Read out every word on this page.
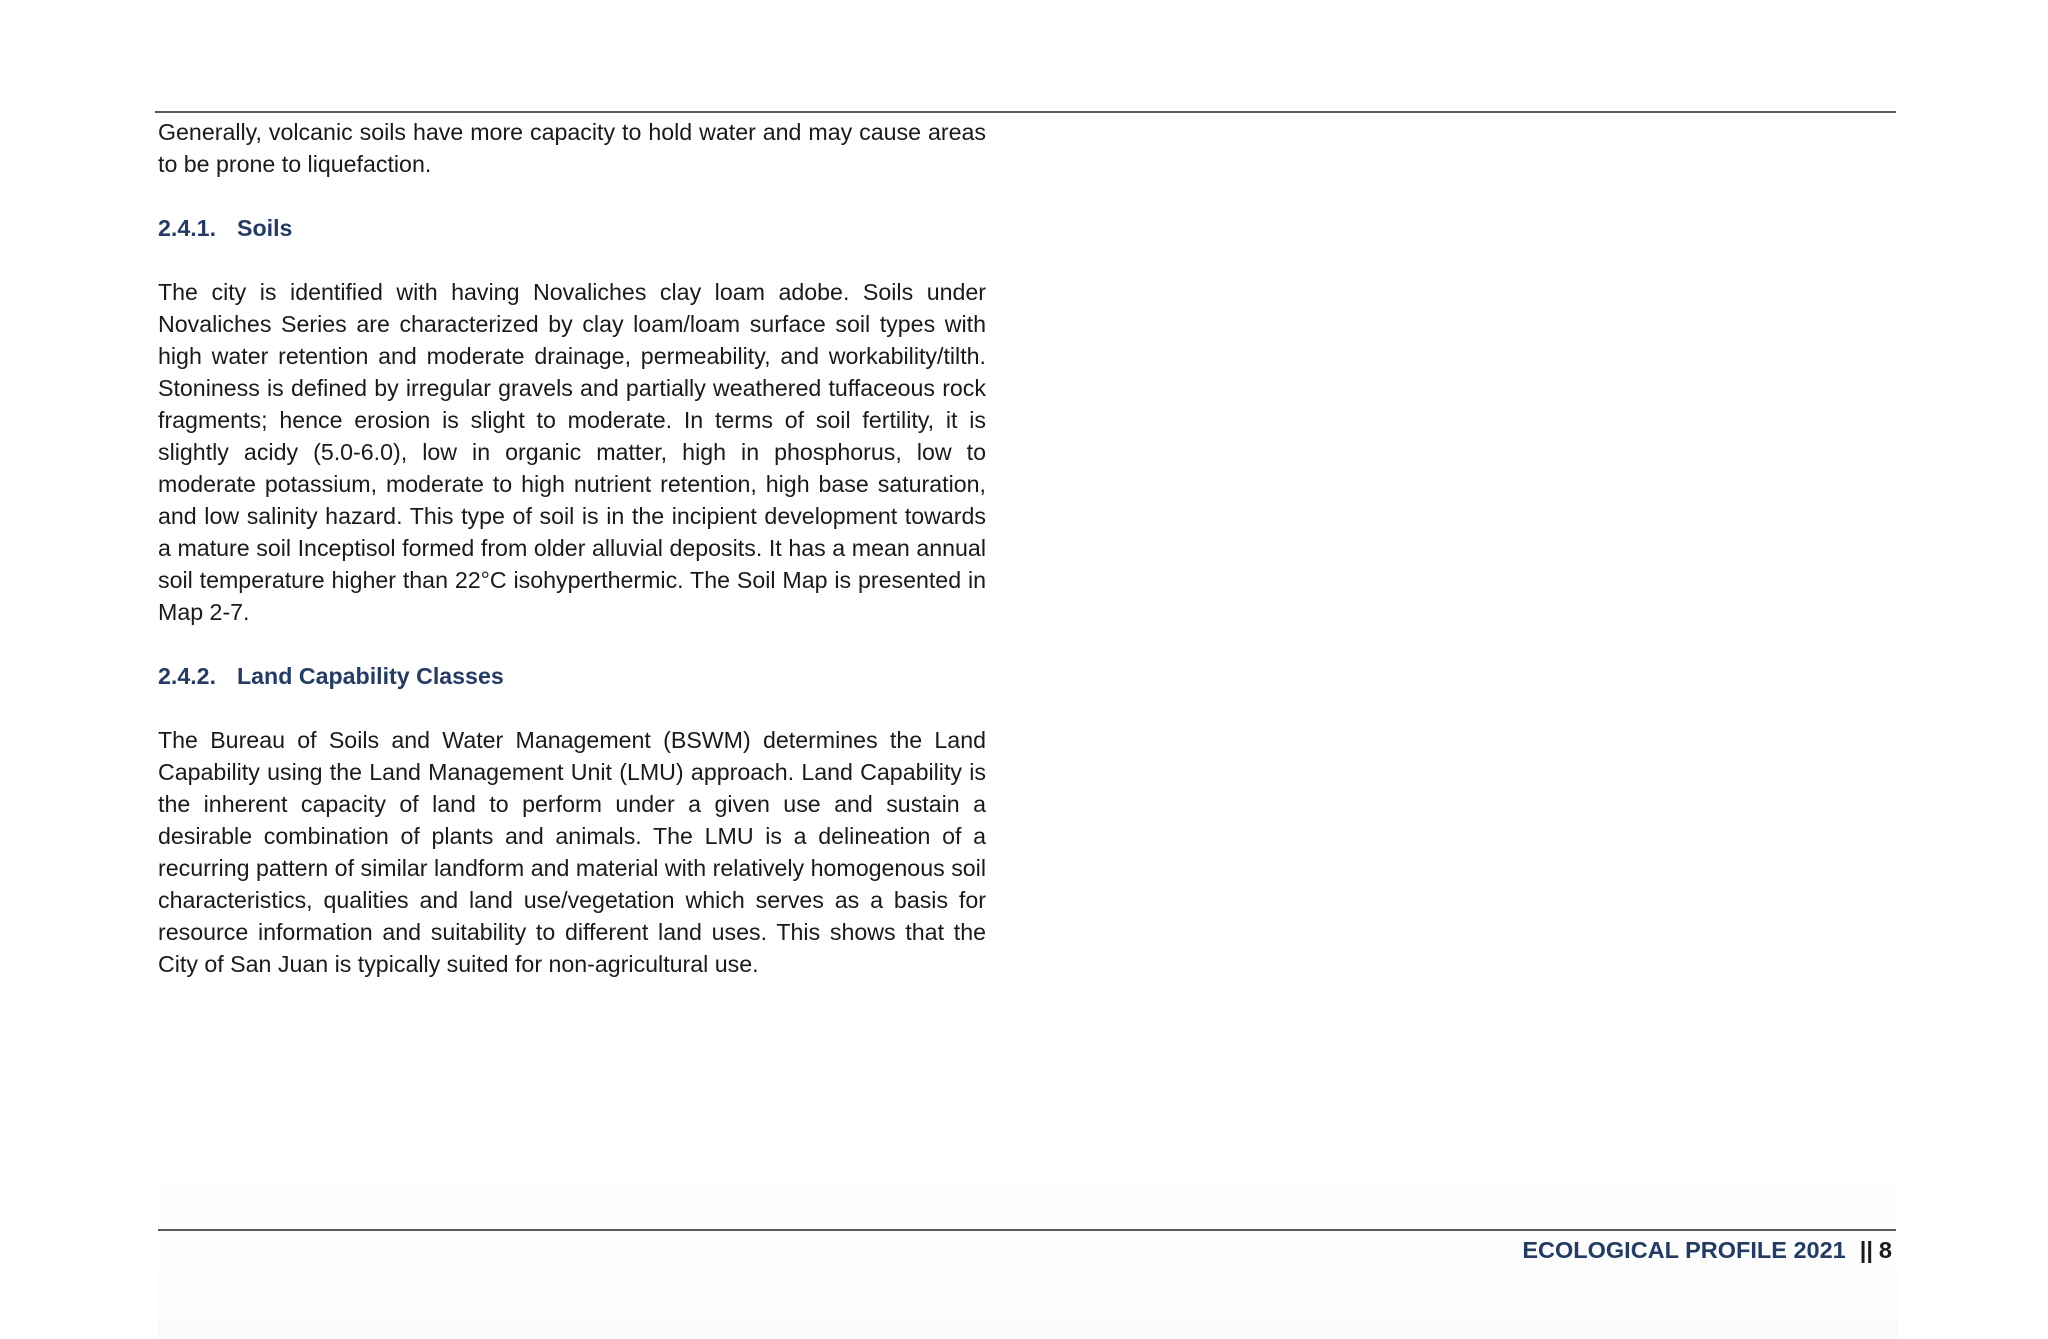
Generally, volcanic soils have more capacity to hold water and may cause areas to be prone to liquefaction.

2.4.1. Soils

The city is identified with having Novaliches clay loam adobe. Soils under Novaliches Series are characterized by clay loam/loam surface soil types with high water retention and moderate drainage, permeability, and workability/tilth. Stoniness is defined by irregular gravels and partially weathered tuffaceous rock fragments; hence erosion is slight to moderate. In terms of soil fertility, it is slightly acidy (5.0-6.0), low in organic matter, high in phosphorus, low to moderate potassium, moderate to high nutrient retention, high base saturation, and low salinity hazard. This type of soil is in the incipient development towards a mature soil Inceptisol formed from older alluvial deposits. It has a mean annual soil temperature higher than 22°C isohyperthermic. The Soil Map is presented in Map 2-7.

2.4.2. Land Capability Classes

The Bureau of Soils and Water Management (BSWM) determines the Land Capability using the Land Management Unit (LMU) approach. Land Capability is the inherent capacity of land to perform under a given use and sustain a desirable combination of plants and animals. The LMU is a delineation of a recurring pattern of similar landform and material with relatively homogenous soil characteristics, qualities and land use/vegetation which serves as a basis for resource information and suitability to different land uses. This shows that the City of San Juan is typically suited for non-agricultural use.

ECOLOGICAL PROFILE 2021 || 8
